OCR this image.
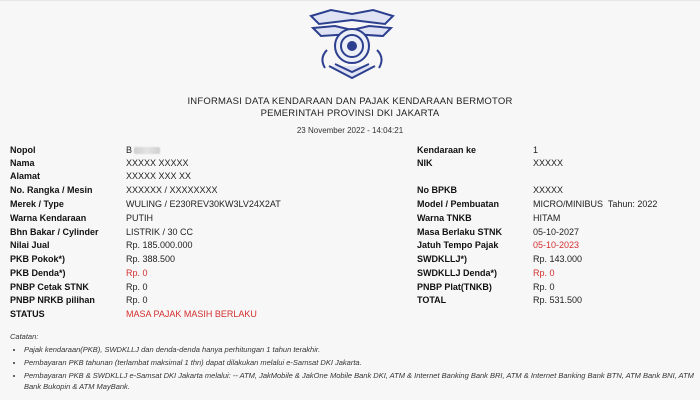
INFORMASI DATA KENDARAAN DAN PAJAK KENDARAAN BERMOTOR
PEMERINTAH PROVINSI DKI JAKARTA
23 November 2022 - 14:04:21
Nopol	B
Nama	XXXXX XXXXX
Alamat	XXXXX XXX XX
No. Rangka / Mesin	XXXXXX / XXXXXXXX
Merek / Type	WULING / E230REV30KW3LV24X2AT
Warna Kendaraan	PUTIH
Bhn Bakar / Cylinder	LISTRIK / 30 CC
Nilai Jual	Rp. 185.000.000
PKB Pokok*)	Rp. 388.500
PKB Denda*)	Rp. 0
PNBP Cetak STNK	Rp. 0
PNBP NRKB pilihan	Rp. 0
STATUS	MASA PAJAK MASIH BERLAKU
Kendaraan ke	1
NIK	XXXXX
No BPKB	XXXXX
Model / Pembuatan	MICRO/MINIBUS  Tahun: 2022
Warna TNKB	HITAM
Masa Berlaku STNK	05-10-2027
Jatuh Tempo Pajak	05-10-2023
SWDKLLJ*)	Rp. 143.000
SWDKLLJ Denda*)	Rp. 0
PNBP Plat(TNKB)	Rp. 0
TOTAL	Rp. 531.500
Catatan:
• Pajak kendaraan(PKB), SWDKLLJ dan denda-denda hanya perhitungan 1 tahun terakhir.
• Pembayaran PKB tahunan (terlambat maksimal 1 thn) dapat dilakukan melalui e-Samsat DKI Jakarta.
• Pembayaran PKB & SWDKLLJ e-Samsat DKI Jakarta melalui: -- ATM, JakMobile & JakOne Mobile Bank DKI, ATM & Internet Banking Bank BRI, ATM & Internet Banking Bank BTN, ATM Bank BNI, ATM Bank Bukopin & ATM MayBank.
